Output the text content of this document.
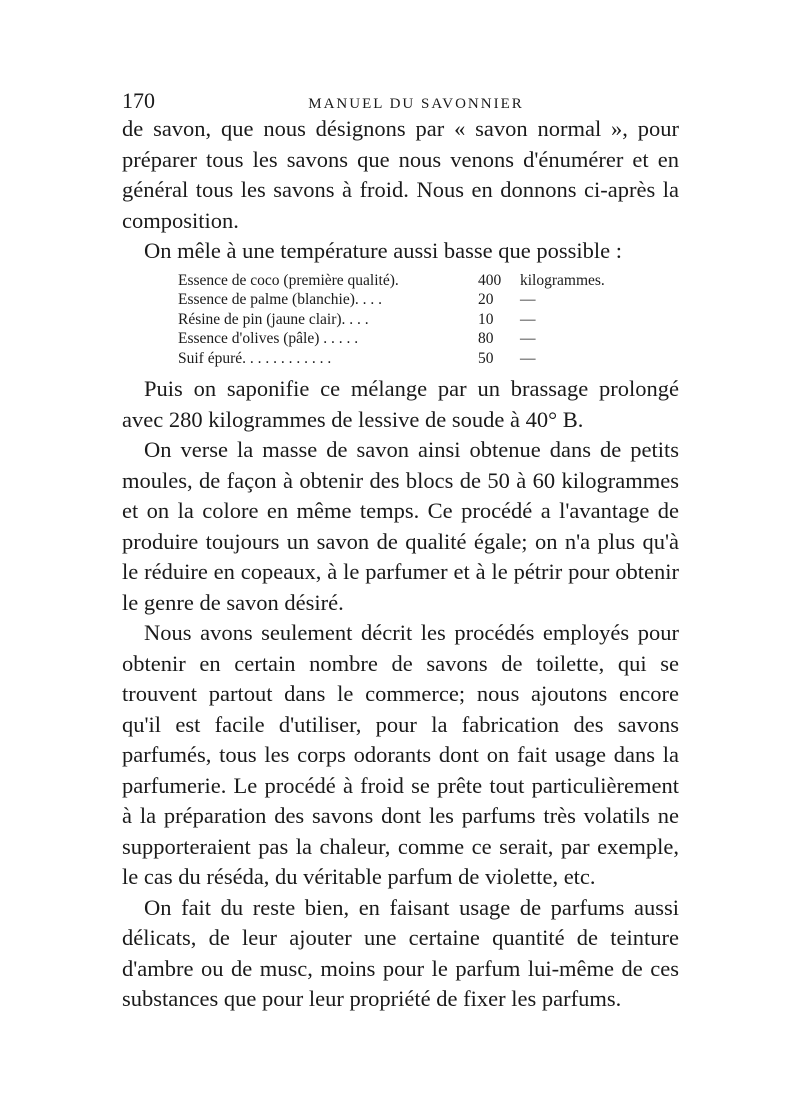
170	MANUEL DU SAVONNIER

de savon, que nous désignons par « savon normal », pour préparer tous les savons que nous venons d'énumérer et en général tous les savons à froid. Nous en donnons ci-après la composition.

On mêle à une température aussi basse que possible :

Essence de coco (première qualité).	400	kilogrammes.
Essence de palme (blanchie). . . .	20	—
Résine de pin (jaune clair). . . .	10	—
Essence d'olives (pâle) . . . . .	80	—
Suif épuré. . . . . . . . . . . .	50	—

Puis on saponifie ce mélange par un brassage prolongé avec 280 kilogrammes de lessive de soude à 40° B.

On verse la masse de savon ainsi obtenue dans de petits moules, de façon à obtenir des blocs de 50 à 60 kilogrammes et on la colore en même temps. Ce procédé a l'avantage de produire toujours un savon de qualité égale; on n'a plus qu'à le réduire en copeaux, à le parfumer et à le pétrir pour obtenir le genre de savon désiré.

Nous avons seulement décrit les procédés employés pour obtenir en certain nombre de savons de toilette, qui se trouvent partout dans le commerce; nous ajoutons encore qu'il est facile d'utiliser, pour la fabrication des savons parfumés, tous les corps odorants dont on fait usage dans la parfumerie. Le procédé à froid se prête tout particulièrement à la préparation des savons dont les parfums très volatils ne supporteraient pas la chaleur, comme ce serait, par exemple, le cas du réséda, du véritable parfum de violette, etc.

On fait du reste bien, en faisant usage de parfums aussi délicats, de leur ajouter une certaine quantité de teinture d'ambre ou de musc, moins pour le parfum lui-même de ces substances que pour leur propriété de fixer les parfums.
